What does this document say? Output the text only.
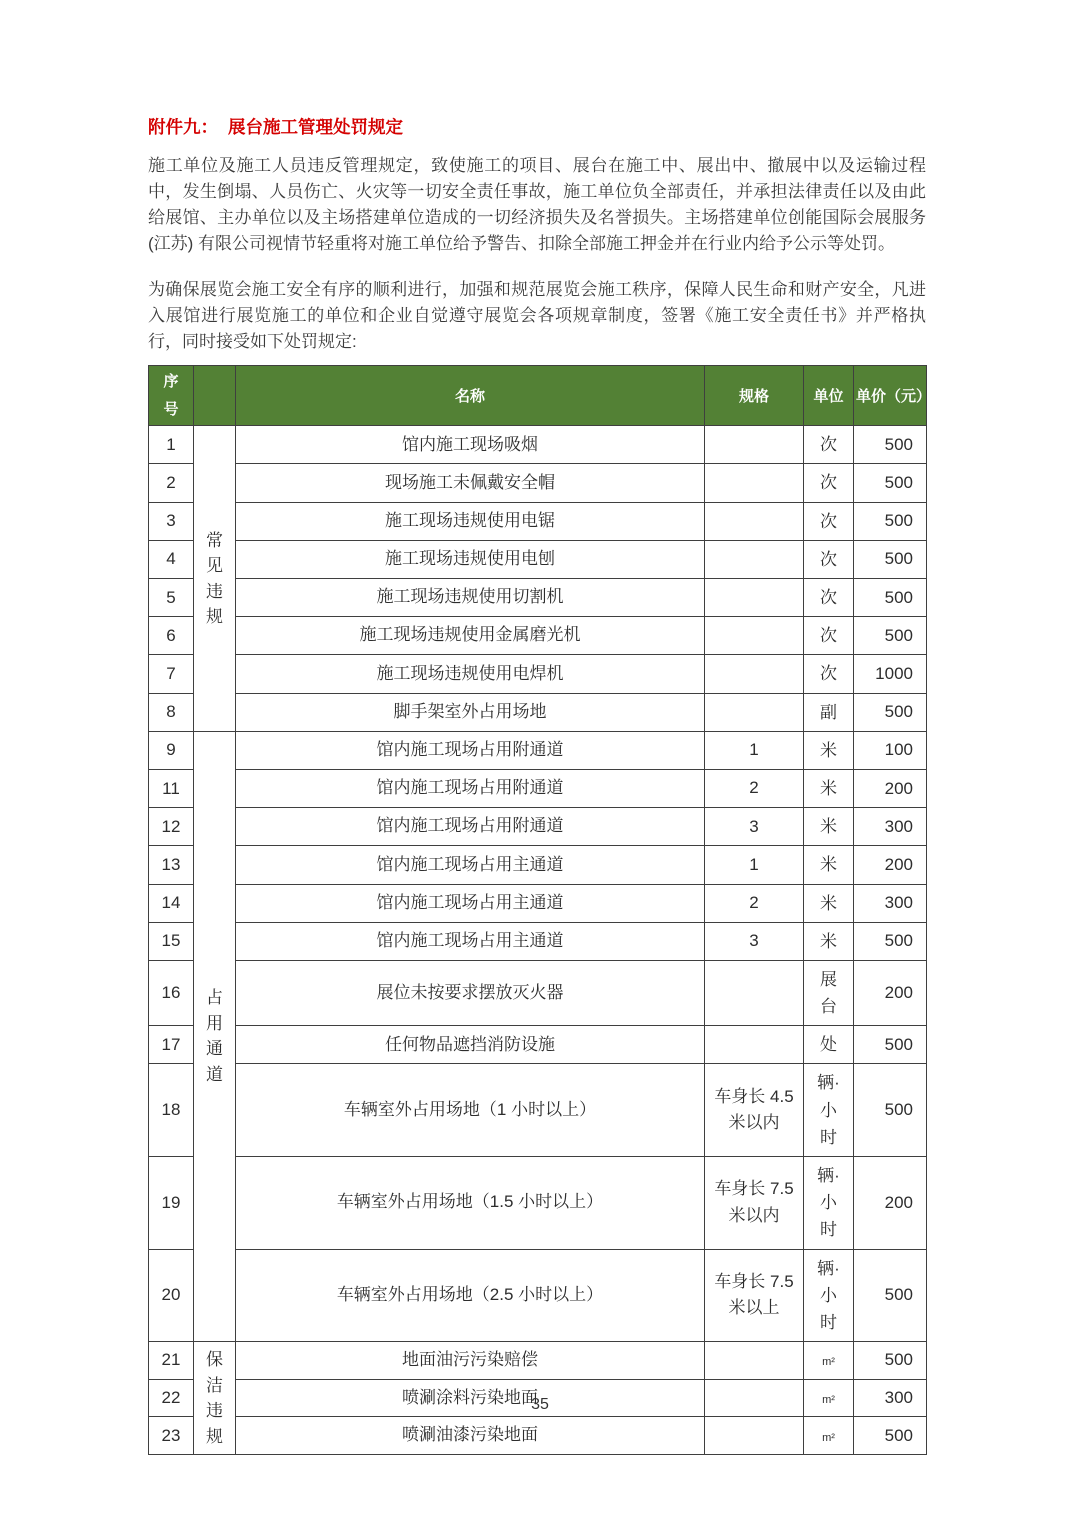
附件九： 展台施工管理处罚规定

施工单位及施工人员违反管理规定，致使施工的项目、展台在施工中、展出中、撤展中以及运输过程中，发生倒塌、人员伤亡、火灾等一切安全责任事故，施工单位负全部责任，并承担法律责任以及由此给展馆、主办单位以及主场搭建单位造成的一切经济损失及名誉损失。主场搭建单位创能国际会展服务 (江苏) 有限公司视情节轻重将对施工单位给予警告、扣除全部施工押金并在行业内给予公示等处罚。

为确保展览会施工安全有序的顺利进行，加强和规范展览会施工秩序，保障人民生命和财产安全，凡进入展馆进行展览施工的单位和企业自觉遵守展览会各项规章制度，签署《施工安全责任书》并严格执行，同时接受如下处罚规定:

序号		名称	规格	单位	单价（元）
1	常见违规	馆内施工现场吸烟		次	500
2		现场施工未佩戴安全帽		次	500
3		施工现场违规使用电锯		次	500
4		施工现场违规使用电刨		次	500
5		施工现场违规使用切割机		次	500
6		施工现场违规使用金属磨光机		次	500
7		施工现场违规使用电焊机		次	1000
8		脚手架室外占用场地		副	500
9	占用通道	馆内施工现场占用附通道	1	米	100
11		馆内施工现场占用附通道	2	米	200
12		馆内施工现场占用附通道	3	米	300
13		馆内施工现场占用主通道	1	米	200
14		馆内施工现场占用主通道	2	米	300
15		馆内施工现场占用主通道	3	米	500
16		展位未按要求摆放灭火器		展台	200
17		任何物品遮挡消防设施		处	500
18		车辆室外占用场地（1 小时以上）	车身长 4.5 米以内	辆·小时	500
19		车辆室外占用场地（1.5 小时以上）	车身长 7.5 米以内	辆·小时	200
20		车辆室外占用场地（2.5 小时以上）	车身长 7.5 米以上	辆·小时	500
21	保洁违规	地面油污污染赔偿		m²	500
22		喷涮涂料污染地面		m²	300
23		喷涮油漆污染地面		m²	500
35
